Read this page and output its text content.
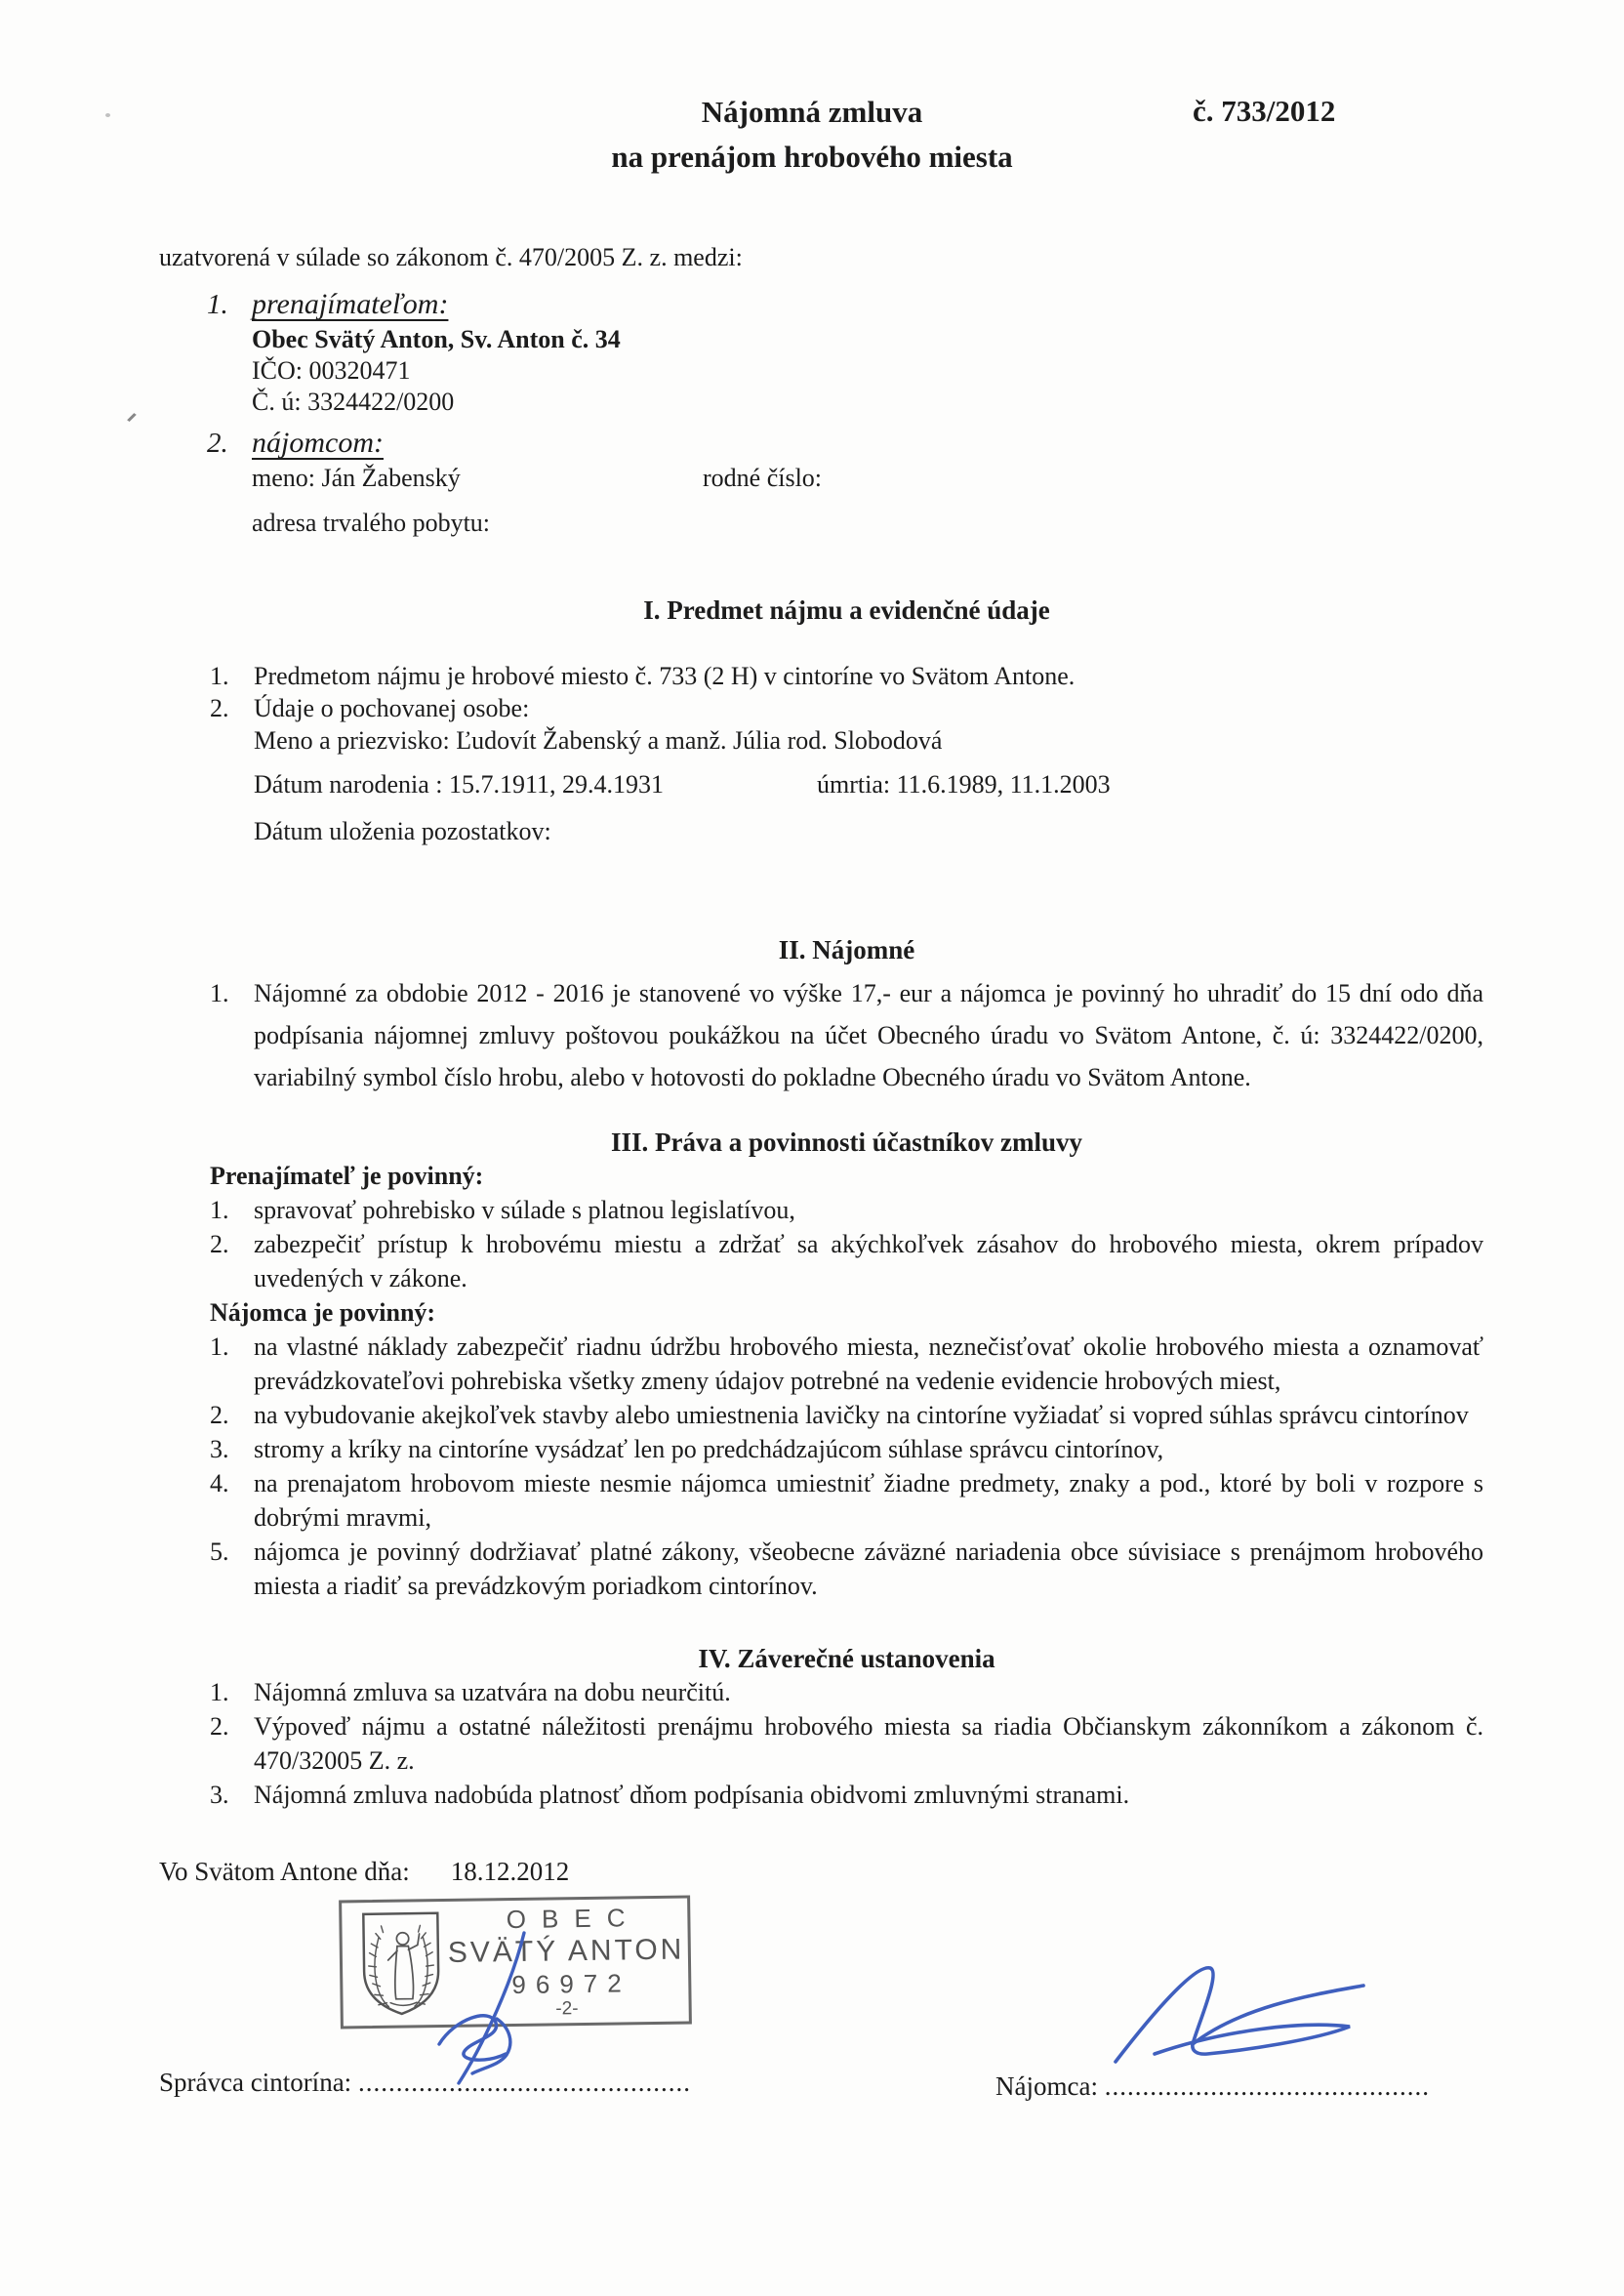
Nájomná zmluva
na prenájom hrobového miesta
č. 733/2012
uzatvorená v súlade so zákonom č. 470/2005 Z. z. medzi:
1. prenajímateľom:
Obec Svätý Anton, Sv. Anton č. 34
IČO: 00320471
Č. ú: 3324422/0200
2. nájomcom:
meno: Ján Žabenský	rodné číslo:
adresa trvalého pobytu:
I. Predmet nájmu a evidenčné údaje
1. Predmetom nájmu je hrobové miesto č. 733 (2 H) v cintoríne vo Svätom Antone.
2. Údaje o pochovanej osobe:
Meno a priezvisko: Ľudovít Žabenský a manž. Júlia rod. Slobodová
Dátum narodenia : 15.7.1911, 29.4.1931	úmrtia: 11.6.1989, 11.1.2003
Dátum uloženia pozostatkov:
II. Nájomné
1. Nájomné za obdobie 2012 - 2016 je stanovené vo výške 17,- eur a nájomca je povinný ho uhradiť do 15 dní odo dňa podpísania nájomnej zmluvy poštovou poukážkou na účet Obecného úradu vo Svätom Antone, č. ú: 3324422/0200, variabilný symbol číslo hrobu, alebo v hotovosti do pokladne Obecného úradu vo Svätom Antone.
III. Práva a povinnosti účastníkov zmluvy
Prenajímateľ je povinný:
1. spravovať pohrebisko v súlade s platnou legislatívou,
2. zabezpečiť prístup k hrobovému miestu a zdržať sa akýchkoľvek zásahov do hrobového miesta, okrem prípadov uvedených v zákone.
Nájomca je povinný:
1. na vlastné náklady zabezpečiť riadnu údržbu hrobového miesta, neznečisťovať okolie hrobového miesta a oznamovať prevádzkovateľovi pohrebiska všetky zmeny údajov potrebné na vedenie evidencie hrobových miest,
2. na vybudovanie akejkoľvek stavby alebo umiestnenia lavičky na cintoríne vyžiadať si vopred súhlas správcu cintorínov
3. stromy a kríky na cintoríne vysádzať len po predchádzajúcom súhlase správcu cintorínov,
4. na prenajatom hrobovom mieste nesmie nájomca umiestniť žiadne predmety, znaky a pod., ktoré by boli v rozpore s dobrými mravmi,
5. nájomca je povinný dodržiavať platné zákony, všeobecne záväzné nariadenia obce súvisiace s prenájmom hrobového miesta a riadiť sa prevádzkovým poriadkom cintorínov.
IV. Záverečné ustanovenia
1. Nájomná zmluva sa uzatvára na dobu neurčitú.
2. Výpoveď nájmu a ostatné náležitosti prenájmu hrobového miesta sa riadia Občianskym zákonníkom a zákonom č. 470/32005 Z. z.
3. Nájomná zmluva nadobúda platnosť dňom podpísania obidvomi zmluvnými stranami.
Vo Svätom Antone dňa: 18.12.2012
OBEC
SVÄTÝ ANTON
96972
-2-
Správca cintorína: ............................................	Nájomca: ...........................................
